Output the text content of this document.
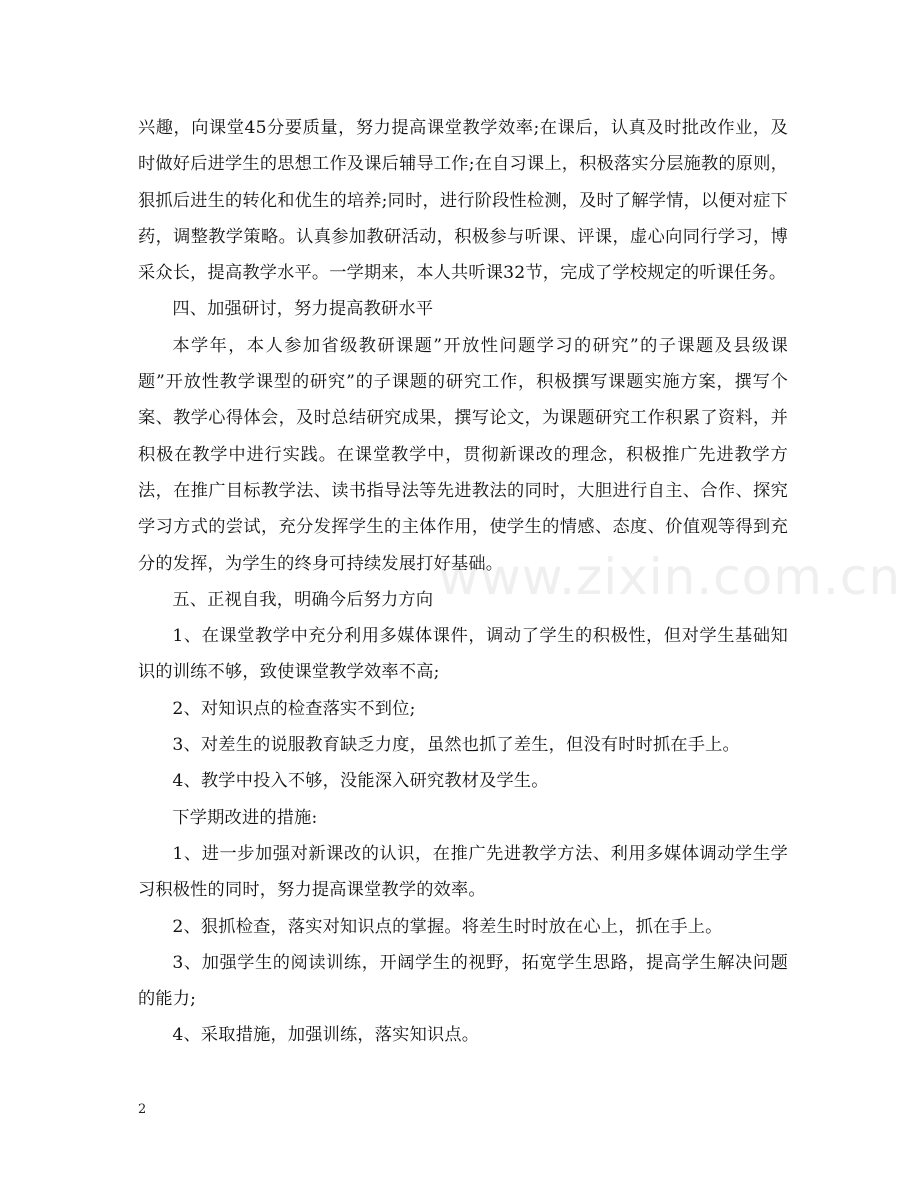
兴趣，向课堂45分要质量，努力提高课堂教学效率;在课后，认真及时批改作业，及时做好后进学生的思想工作及课后辅导工作;在自习课上，积极落实分层施教的原则，狠抓后进生的转化和优生的培养;同时，进行阶段性检测，及时了解学情，以便对症下药，调整教学策略。认真参加教研活动，积极参与听课、评课，虚心向同行学习，博采众长，提高教学水平。一学期来，本人共听课32节，完成了学校规定的听课任务。

四、加强研讨，努力提高教研水平

本学年，本人参加省级教研课题”开放性问题学习的研究”的子课题及县级课题”开放性教学课型的研究”的子课题的研究工作，积极撰写课题实施方案，撰写个案、教学心得体会，及时总结研究成果，撰写论文，为课题研究工作积累了资料，并积极在教学中进行实践。在课堂教学中，贯彻新课改的理念，积极推广先进教学方法，在推广目标教学法、读书指导法等先进教法的同时，大胆进行自主、合作、探究学习方式的尝试，充分发挥学生的主体作用，使学生的情感、态度、价值观等得到充分的发挥，为学生的终身可持续发展打好基础。

五、正视自我，明确今后努力方向

1、在课堂教学中充分利用多媒体课件，调动了学生的积极性，但对学生基础知识的训练不够，致使课堂教学效率不高;

2、对知识点的检查落实不到位;

3、对差生的说服教育缺乏力度，虽然也抓了差生，但没有时时抓在手上。

4、教学中投入不够，没能深入研究教材及学生。

下学期改进的措施:

1、进一步加强对新课改的认识，在推广先进教学方法、利用多媒体调动学生学习积极性的同时，努力提高课堂教学的效率。

2、狠抓检查，落实对知识点的掌握。将差生时时放在心上，抓在手上。

3、加强学生的阅读训练，开阔学生的视野，拓宽学生思路，提高学生解决问题的能力;

4、采取措施，加强训练，落实知识点。

www.zixin.com.cn
2
